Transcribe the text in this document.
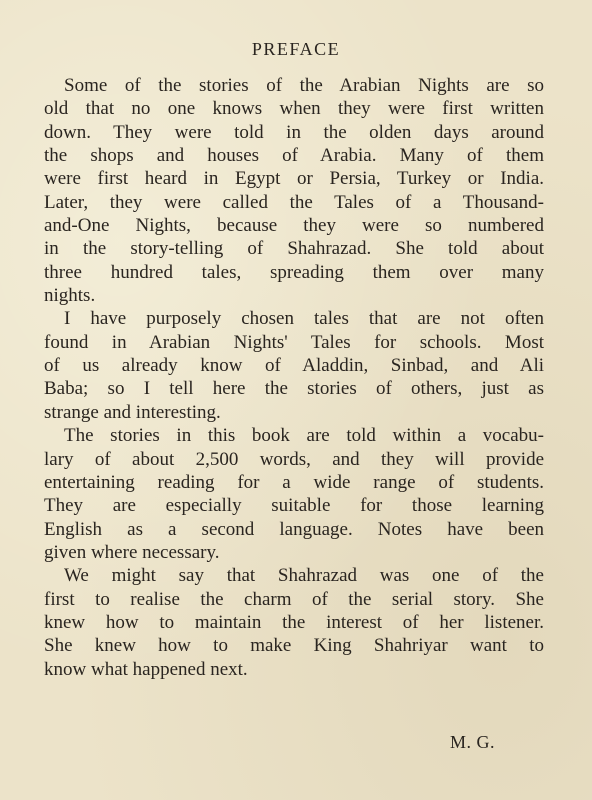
PREFACE
Some of the stories of the Arabian Nights are so
old that no one knows when they were first written
down. They were told in the olden days around
the shops and houses of Arabia. Many of them
were first heard in Egypt or Persia, Turkey or India.
Later, they were called the Tales of a Thousand-
and-One Nights, because they were so numbered
in the story-telling of Shahrazad. She told about
three hundred tales, spreading them over many
nights.
I have purposely chosen tales that are not often
found in Arabian Nights' Tales for schools. Most
of us already know of Aladdin, Sinbad, and Ali
Baba; so I tell here the stories of others, just as
strange and interesting.
The stories in this book are told within a vocabu-
lary of about 2,500 words, and they will provide
entertaining reading for a wide range of students.
They are especially suitable for those learning
English as a second language. Notes have been
given where necessary.
We might say that Shahrazad was one of the
first to realise the charm of the serial story. She
knew how to maintain the interest of her listener.
She knew how to make King Shahriyar want to
know what happened next.
M. G.
